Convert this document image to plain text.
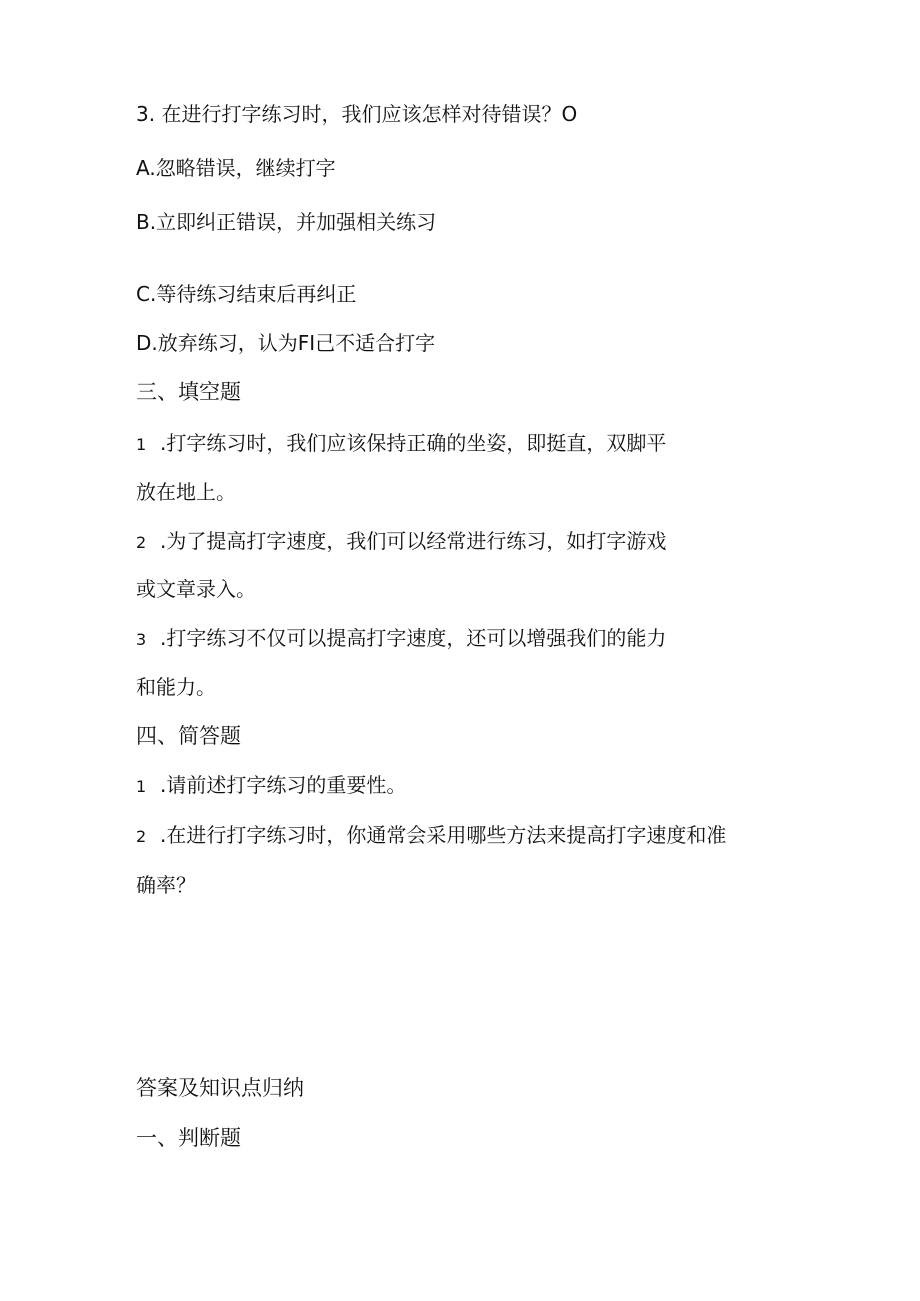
3. 在进行打字练习时，我们应该怎样对待错误？O
A.忽略错误，继续打字
B.立即纠正错误，并加强相关练习
C.等待练习结束后再纠正
D.放弃练习，认为FI己不适合打字
三、填空题
1 .打字练习时，我们应该保持正确的坐姿，即挺直，双脚平
放在地上。
2 .为了提高打字速度，我们可以经常进行练习，如打字游戏
或文章录入。
3 .打字练习不仅可以提高打字速度，还可以增强我们的能力
和能力。
四、简答题
1 .请前述打字练习的重要性。
2 .在进行打字练习时，你通常会采用哪些方法来提高打字速度和准
确率？
答案及知识点归纳
一、判断题
